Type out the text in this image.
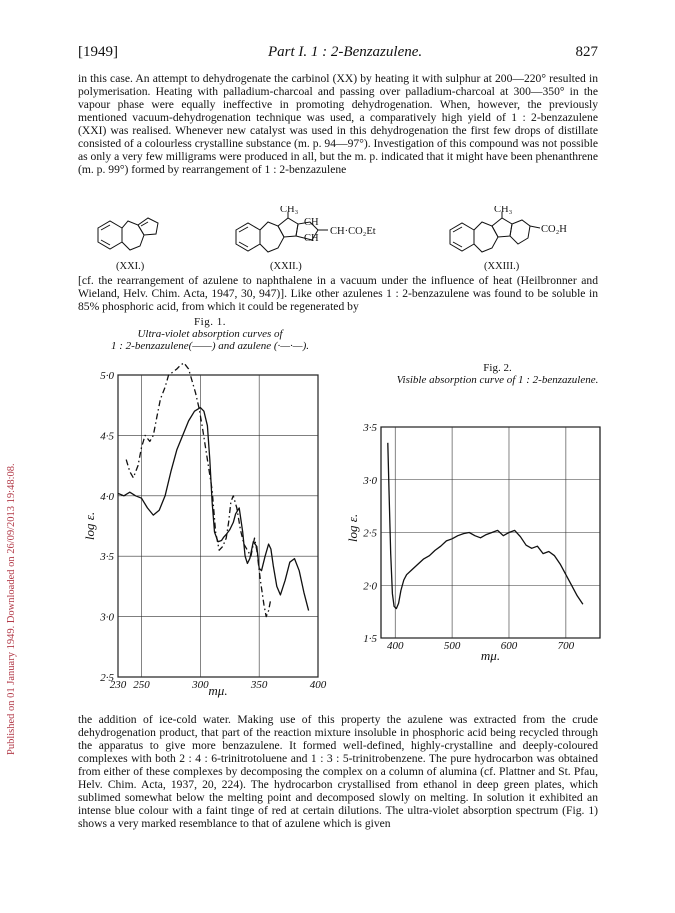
Published on 01 January 1949. Downloaded on 26/09/2013 19:48:08.
[1949]	Part I. 1 : 2-Benzazulene.	827
in this case. An attempt to dehydrogenate the carbinol (XX) by heating it with sulphur at 200—220° resulted in polymerisation. Heating with palladium-charcoal and passing over palladium-charcoal at 300—350° in the vapour phase were equally ineffective in promoting dehydrogenation. When, however, the previously mentioned vacuum-dehydrogenation technique was used, a comparatively high yield of 1 : 2-benzazulene (XXI) was realised. Whenever new catalyst was used in this dehydrogenation the first few drops of distillate consisted of a colourless crystalline substance (m. p. 94—97°). Investigation of this compound was not possible as only a very few milligrams were produced in all, but the m. p. indicated that it might have been phenanthrene (m. p. 99°) formed by rearrangement of 1 : 2-benzazulene
(XXI.)	(XXII.)	(XXIII.)
CH₃	CH₃
CH
CH
CH·CO₂Et	CO₂H
[cf. the rearrangement of azulene to naphthalene in a vacuum under the influence of heat (Heilbronner and Wieland, Helv. Chim. Acta, 1947, 30, 947)]. Like other azulenes 1 : 2-benzazulene was found to be soluble in 85% phosphoric acid, from which it could be regenerated by
Fig. 1.
Ultra-violet absorption curves of
1 : 2-benzazulene(——) and azulene (·—·—).
Fig. 2.
Visible absorption curve of 1 : 2-benzazulene.
2·5
3·0
3·5
4·0
4·5
5·0
230 250	300	350	400
mμ.
log ε.
1·5
2·0
2·5
3·0
3·5
400	500	600	700
mμ.
log ε.
the addition of ice-cold water. Making use of this property the azulene was extracted from the crude dehydrogenation product, that part of the reaction mixture insoluble in phosphoric acid being recycled through the apparatus to give more benzazulene. It formed well-defined, highly-crystalline and deeply-coloured complexes with both 2 : 4 : 6-trinitrotoluene and 1 : 3 : 5-trinitrobenzene. The pure hydrocarbon was obtained from either of these complexes by decomposing the complex on a column of alumina (cf. Plattner and St. Pfau, Helv. Chim. Acta, 1937, 20, 224). The hydrocarbon crystallised from ethanol in deep green plates, which sublimed somewhat below the melting point and decomposed slowly on melting. In solution it exhibited an intense blue colour with a faint tinge of red at certain dilutions. The ultra-violet absorption spectrum (Fig. 1) shows a very marked resemblance to that of azulene which is given
